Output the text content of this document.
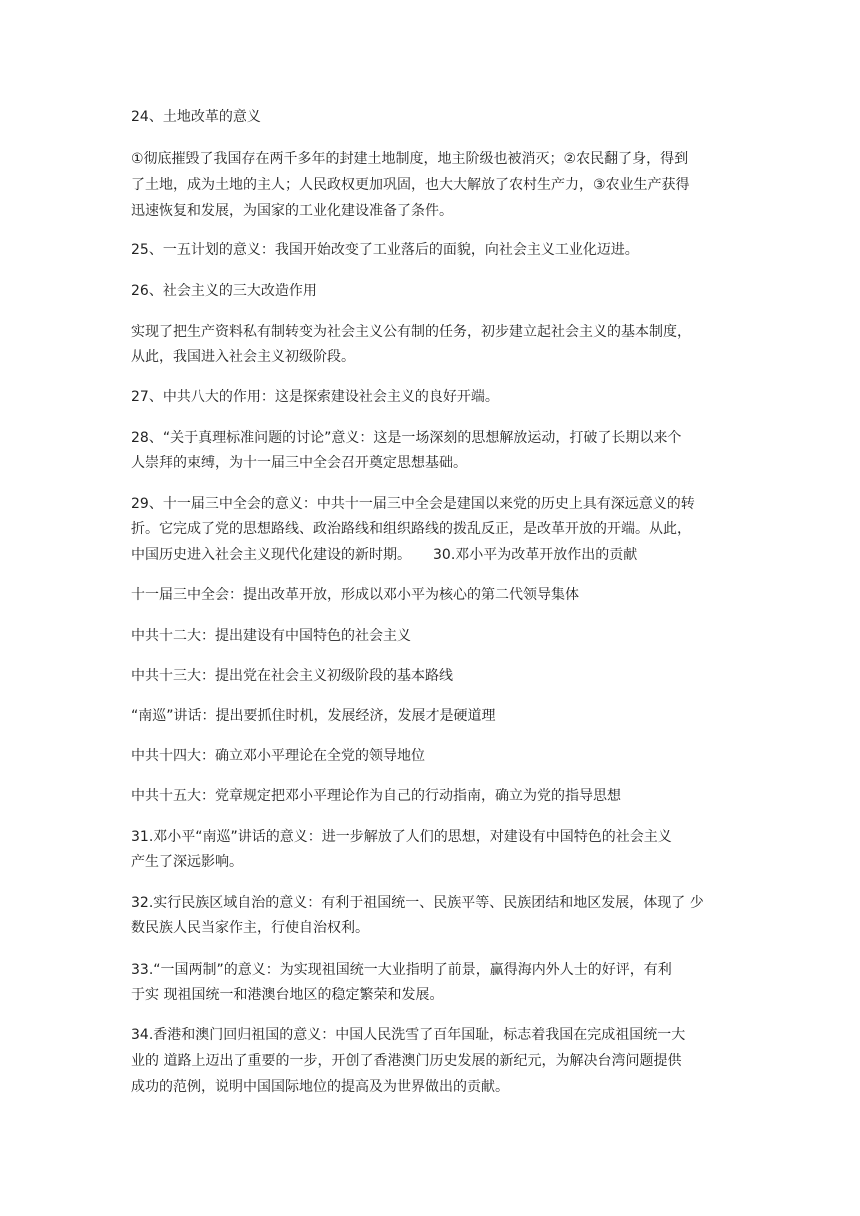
24、土地改革的意义
①彻底摧毁了我国存在两千多年的封建土地制度，地主阶级也被消灭；②农民翻了身，得到
了土地，成为土地的主人；人民政权更加巩固，也大大解放了农村生产力，③农业生产获得
迅速恢复和发展，为国家的工业化建设准备了条件。
25、一五计划的意义：我国开始改变了工业落后的面貌，向社会主义工业化迈进。
26、社会主义的三大改造作用
实现了把生产资料私有制转变为社会主义公有制的任务，初步建立起社会主义的基本制度，
从此，我国进入社会主义初级阶段。
27、中共八大的作用：这是探索建设社会主义的良好开端。
28、“关于真理标准问题的讨论”意义：这是一场深刻的思想解放运动，打破了长期以来个
人崇拜的束缚，为十一届三中全会召开奠定思想基础。
29、十一届三中全会的意义：中共十一届三中全会是建国以来党的历史上具有深远意义的转
折。它完成了党的思想路线、政治路线和组织路线的拨乱反正，是改革开放的开端。从此，
中国历史进入社会主义现代化建设的新时期。 30.邓小平为改革开放作出的贡献
十一届三中全会：提出改革开放，形成以邓小平为核心的第二代领导集体
中共十二大：提出建设有中国特色的社会主义
中共十三大：提出党在社会主义初级阶段的基本路线
“南巡”讲话：提出要抓住时机，发展经济，发展才是硬道理
中共十四大：确立邓小平理论在全党的领导地位
中共十五大：党章规定把邓小平理论作为自己的行动指南，确立为党的指导思想
31.邓小平“南巡”讲话的意义：进一步解放了人们的思想，对建设有中国特色的社会主义
产生了深远影响。
32.实行民族区域自治的意义：有利于祖国统一、民族平等、民族团结和地区发展，体现了 少
数民族人民当家作主，行使自治权利。
33.“一国两制”的意义：为实现祖国统一大业指明了前景，赢得海内外人士的好评，有利
于实 现祖国统一和港澳台地区的稳定繁荣和发展。
34.香港和澳门回归祖国的意义：中国人民洗雪了百年国耻，标志着我国在完成祖国统一大
业的 道路上迈出了重要的一步，开创了香港澳门历史发展的新纪元，为解决台湾问题提供
成功的范例，说明中国国际地位的提高及为世界做出的贡献。
